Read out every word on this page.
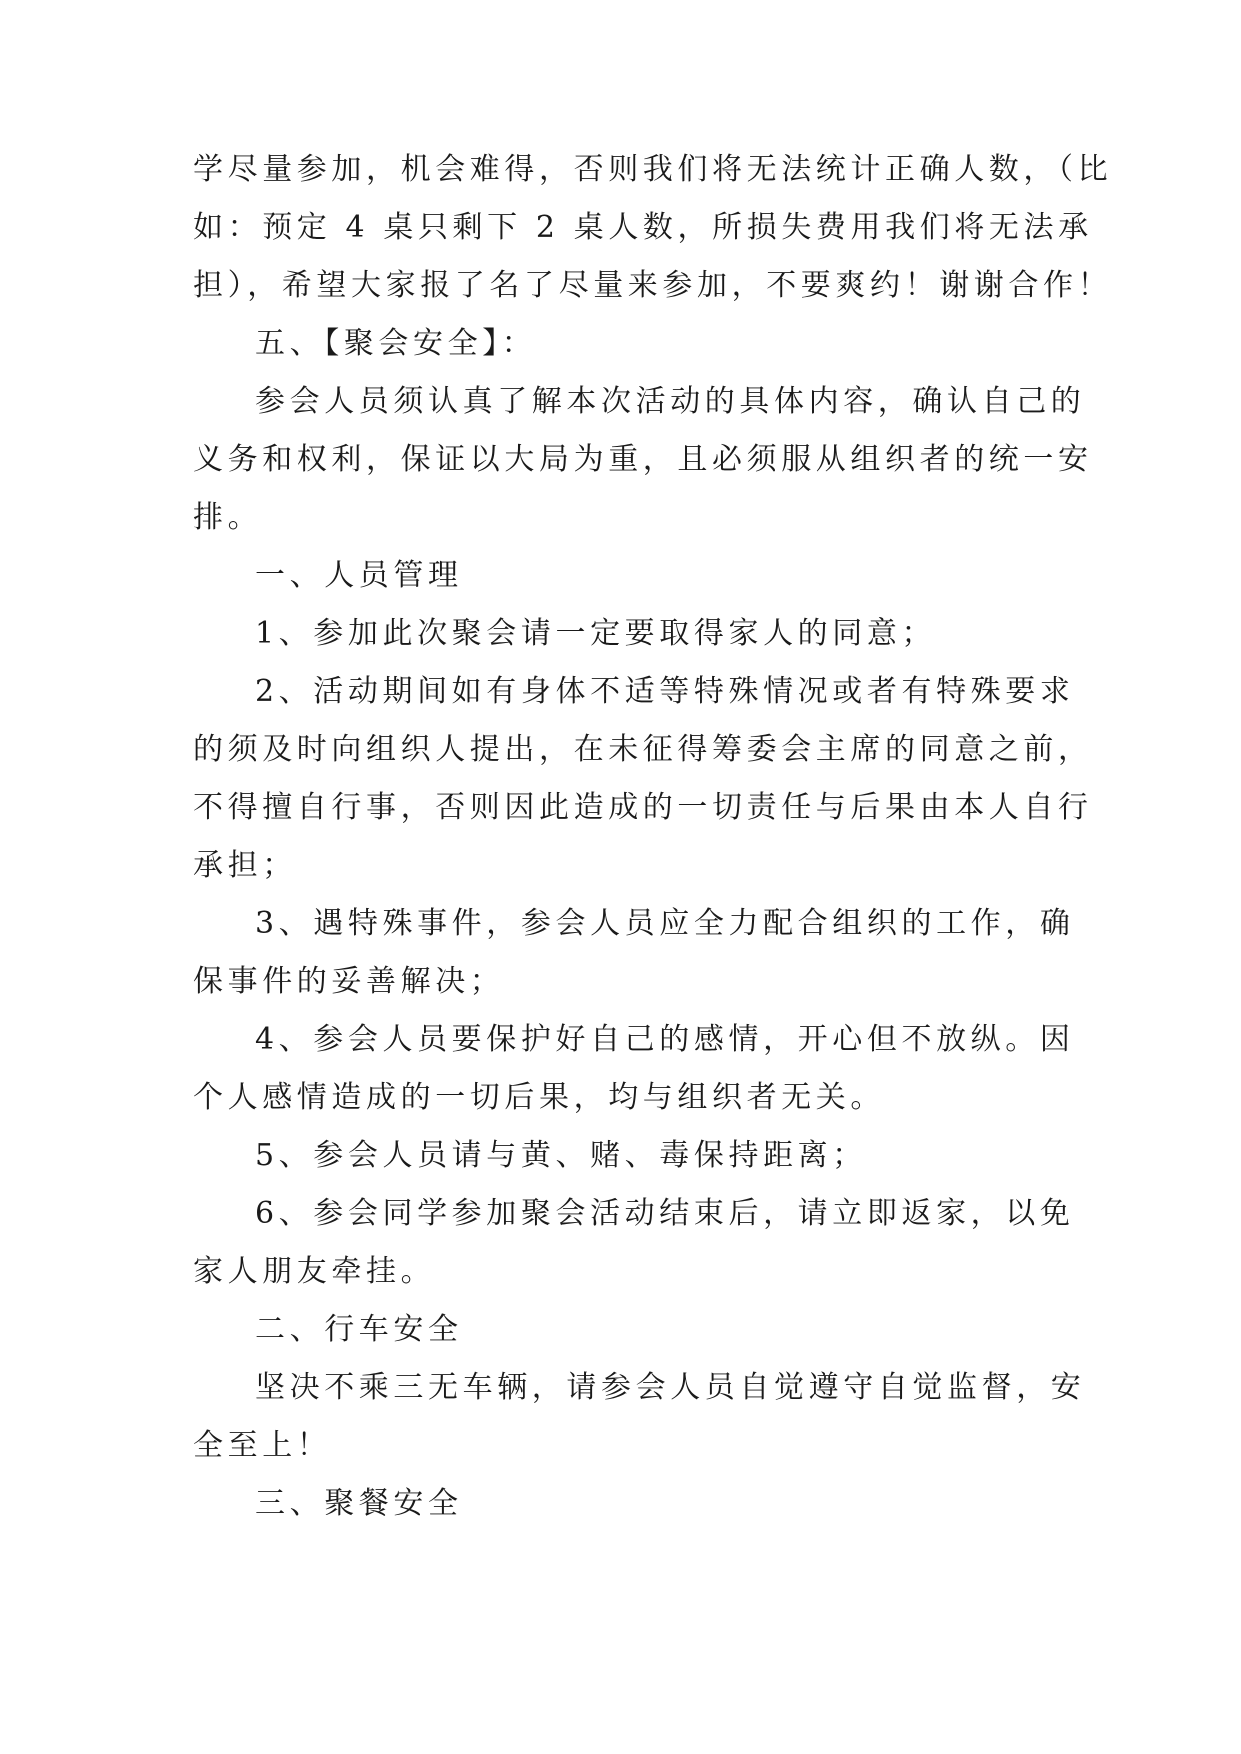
学尽量参加，机会难得，否则我们将无法统计正确人数，（比
如：预定 4 桌只剩下 2 桌人数，所损失费用我们将无法承
担），希望大家报了名了尽量来参加，不要爽约！谢谢合作！
五、【聚会安全】：
参会人员须认真了解本次活动的具体内容，确认自己的
义务和权利，保证以大局为重，且必须服从组织者的统一安
排。
一、人员管理
1、参加此次聚会请一定要取得家人的同意；
2、活动期间如有身体不适等特殊情况或者有特殊要求
的须及时向组织人提出，在未征得筹委会主席的同意之前，
不得擅自行事，否则因此造成的一切责任与后果由本人自行
承担；
3、遇特殊事件，参会人员应全力配合组织的工作，确
保事件的妥善解决；
4、参会人员要保护好自己的感情，开心但不放纵。因
个人感情造成的一切后果，均与组织者无关。
5、参会人员请与黄、赌、毒保持距离；
6、参会同学参加聚会活动结束后，请立即返家，以免
家人朋友牵挂。
二、行车安全
坚决不乘三无车辆，请参会人员自觉遵守自觉监督，安
全至上！
三、聚餐安全
